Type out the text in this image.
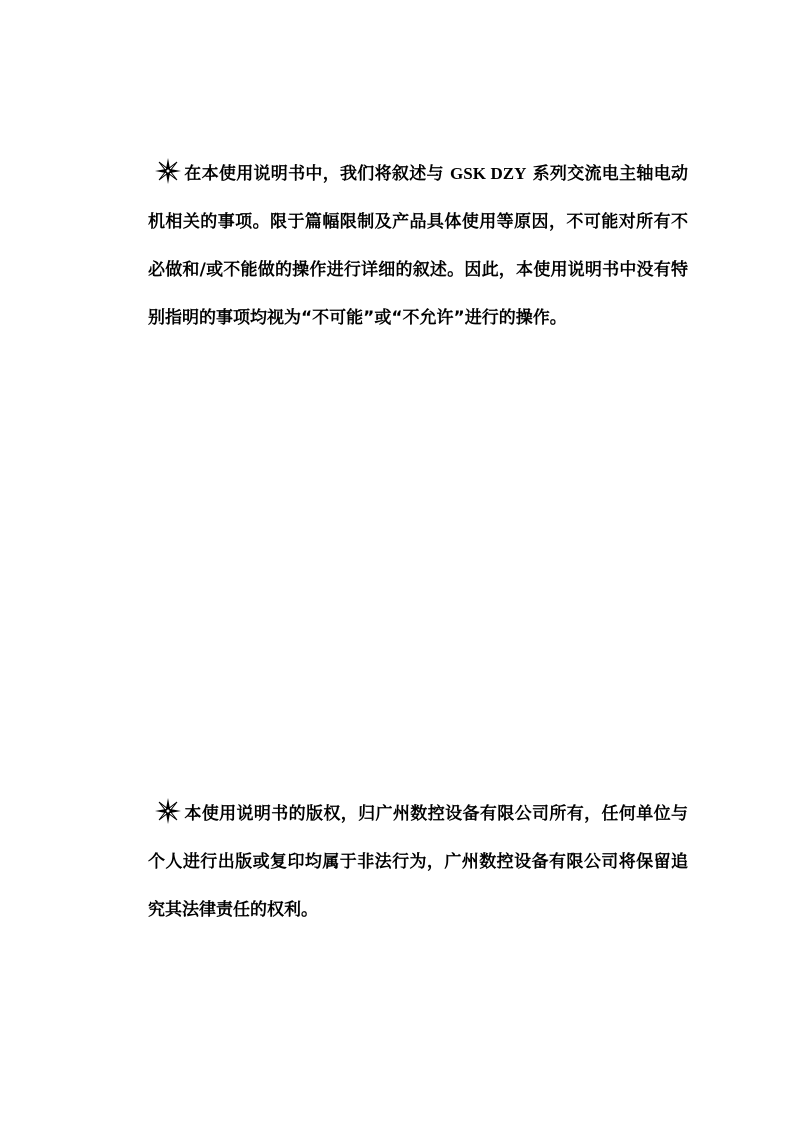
在本使用说明书中，我们将叙述与 GSK DZY 系列交流电主轴电动机相关的事项。限于篇幅限制及产品具体使用等原因，不可能对所有不必做和/或不能做的操作进行详细的叙述。因此，本使用说明书中没有特别指明的事项均视为“不可能”或“不允许”进行的操作。
本使用说明书的版权，归广州数控设备有限公司所有，任何单位与个人进行出版或复印均属于非法行为，广州数控设备有限公司将保留追究其法律责任的权利。
